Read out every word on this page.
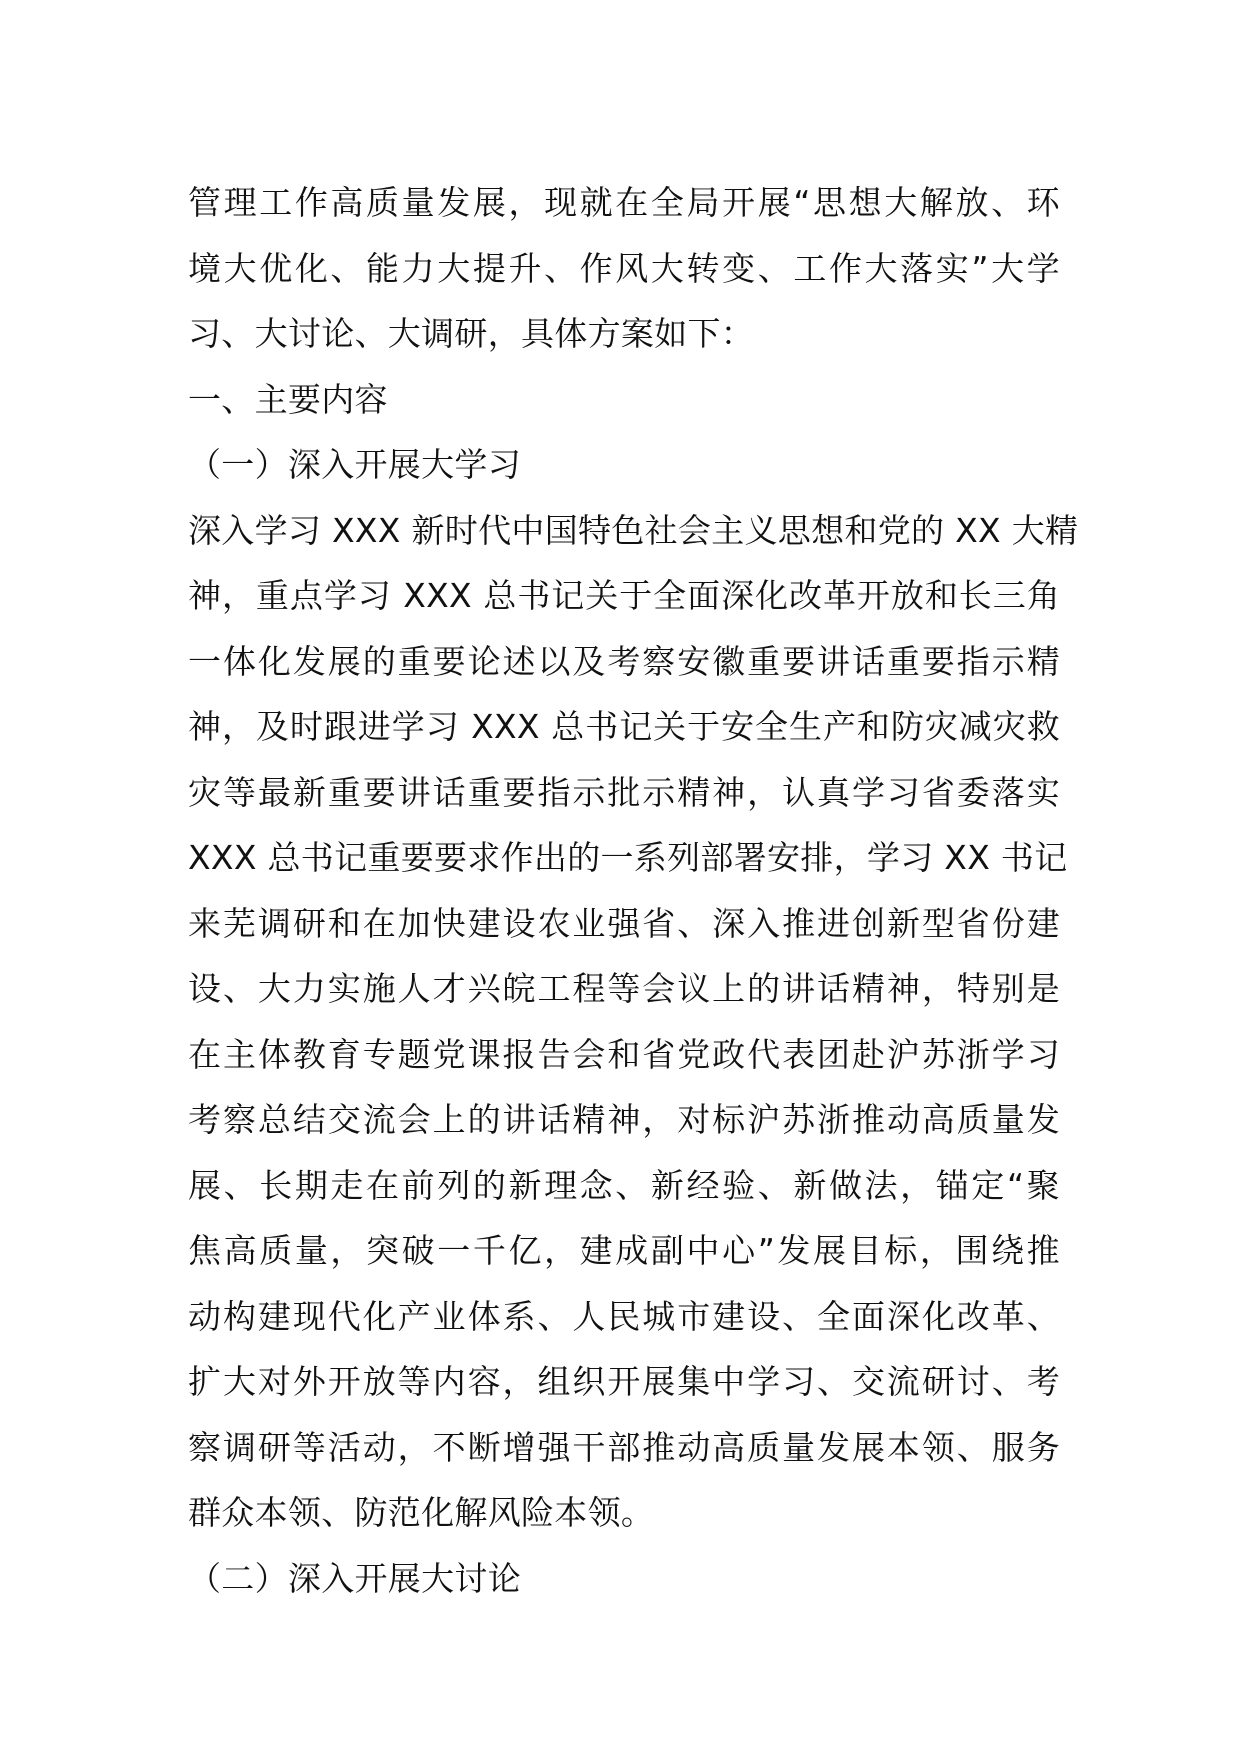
管理工作高质量发展，现就在全局开展“思想大解放、环
境大优化、能力大提升、作风大转变、工作大落实”大学
习、大讨论、大调研，具体方案如下：
一、主要内容
（一）深入开展大学习
深入学习 XXX 新时代中国特色社会主义思想和党的 XX 大精
神，重点学习 XXX 总书记关于全面深化改革开放和长三角
一体化发展的重要论述以及考察安徽重要讲话重要指示精
神，及时跟进学习 XXX 总书记关于安全生产和防灾减灾救
灾等最新重要讲话重要指示批示精神，认真学习省委落实
XXX 总书记重要要求作出的一系列部署安排，学习 XX 书记
来芜调研和在加快建设农业强省、深入推进创新型省份建
设、大力实施人才兴皖工程等会议上的讲话精神，特别是
在主体教育专题党课报告会和省党政代表团赴沪苏浙学习
考察总结交流会上的讲话精神，对标沪苏浙推动高质量发
展、长期走在前列的新理念、新经验、新做法，锚定“聚
焦高质量，突破一千亿，建成副中心”发展目标，围绕推
动构建现代化产业体系、人民城市建设、全面深化改革、
扩大对外开放等内容，组织开展集中学习、交流研讨、考
察调研等活动，不断增强干部推动高质量发展本领、服务
群众本领、防范化解风险本领。
（二）深入开展大讨论
